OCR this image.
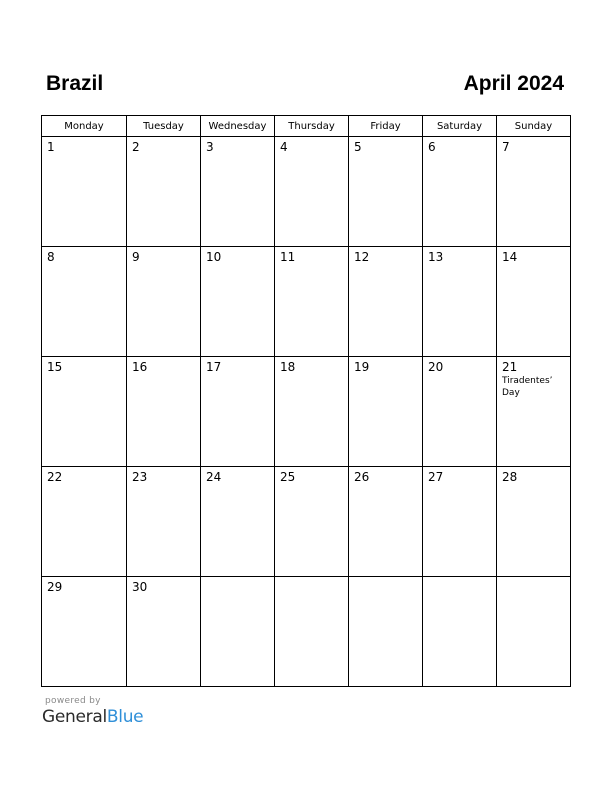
Brazil	April 2024
Monday	Tuesday	Wednesday	Thursday	Friday	Saturday	Sunday

1	2	3	4	5	6	7

8	9	10	11	12	13	14

15	16	17	18	19	20	21
Tiradentes’ Day

22	23	24	25	26	27	28

29	30					

powered by
GeneralBlue
